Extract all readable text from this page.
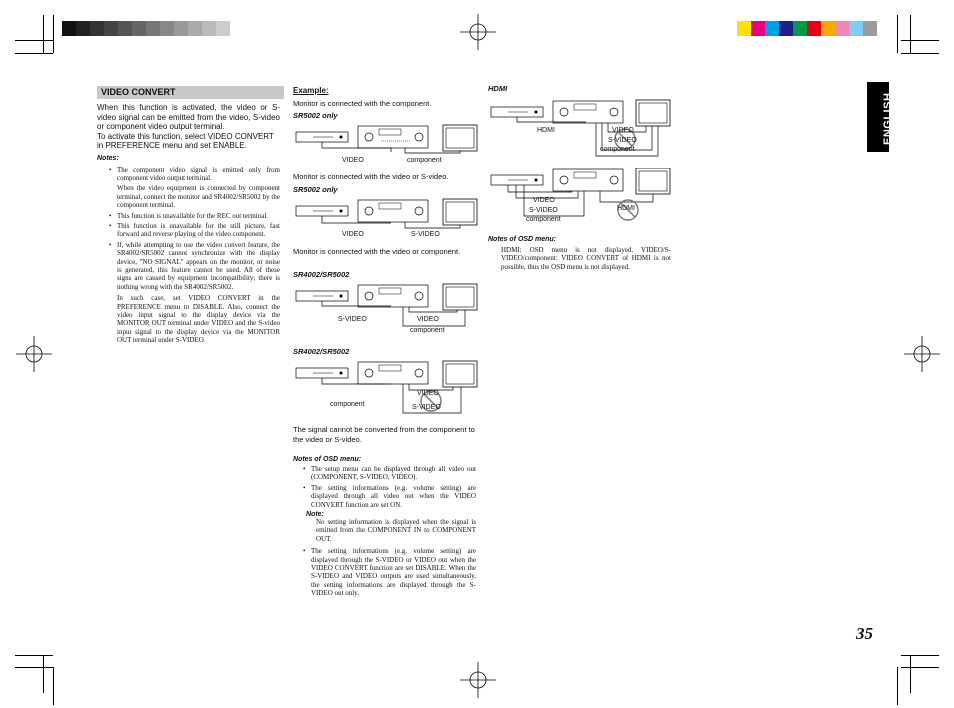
VIDEO CONVERT
When this function is activated, the video or S-video signal can be emitted from the video, S-video or component video output terminal.
To activate this function, select VIDEO CONVERT in PREFERENCE menu and set ENABLE.
Notes:
• The component video signal is emitted only from component video output terminal.
When the video equipment is connected by component terminal, connect the monitor and SR4002/SR5002 by the component terminal.
• This function is unavailable for the REC out terminal.
• This function is unavailable for the still picture, fast forward and reverse playing of the video component.
• If, while attempting to use the video convert feature, the SR4002/SR5002 cannot synchronize with the display device, "NO SIGNAL" appears on the monitor, or noise is generated, this feature cannot be used. All of these signs are caused by equipment incompatibility; there is nothing wrong with the SR4002/SR5002.
In such case, set VIDEO CONVERT in the PREFERENCE menu to DISABLE. Also, connect the video input signal to the display device via the MONITOR OUT terminal under VIDEO and the S-video input signal to the display device via the MONITOR OUT terminal under S-VIDEO.
Example:
Monitor is connected with the component.
SR5002 only
Monitor is connected with the video or S-video.
SR5002 only
Monitor is connected with the video or component.
SR4002/SR5002
SR4002/SR5002
VIDEO	component
VIDEO	S-VIDEO
S-VIDEO	VIDEO
component
component
VIDEO
S-VIDEO
The signal cannot be converted from the component to the video or S-video.
Notes of OSD menu:
• The setup menu can be displayed through all video out (COMPONENT, S-VIDEO, VIDEO).
• The setting informations (e.g. volume setting) are displayed through all video out when the VIDEO CONVERT function are set ON.
Note:
No setting information is displayed when the signal is emitted from the COMPONENT IN to COMPONENT OUT.
• The setting informations (e.g. volume setting) are displayed through the S-VIDEO or VIDEO out when the VIDEO CONVERT function are set DISABLE. When the S-VIDEO and VIDEO outputs are used simultaneously, the setting informations are displayed through the S-VIDEO out only.
HDMI
HDMI	VIDEO
S-VIDEO
component
VIDEO
S-VIDEO
component
HDMI
Notes of OSD menu:
HDMI: OSD menu is not displayed. VIDEO/S-VIDEO/component: VIDEO CONVERT of HDMI is not possible, thus the OSD menu is not displayed.
ENGLISH
35
